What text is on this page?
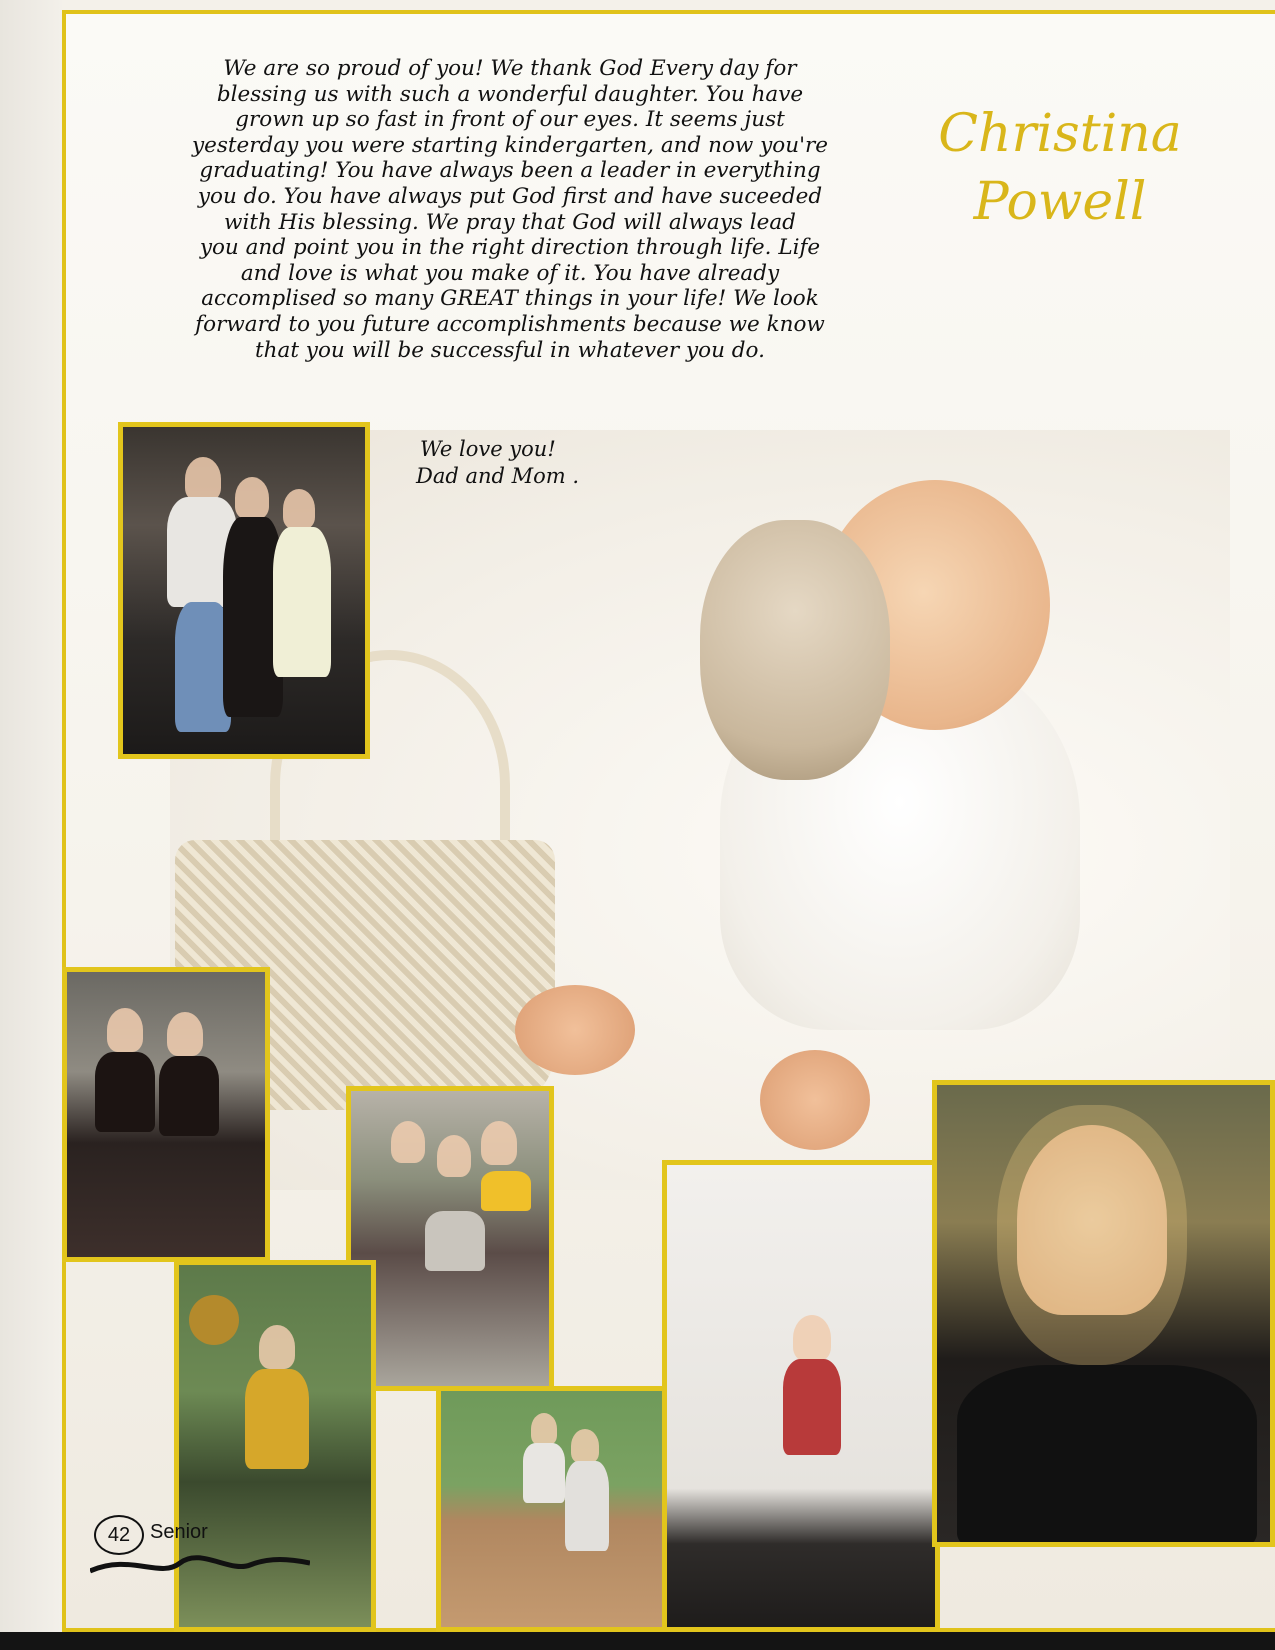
We are so proud of you! We thank God Every day for
blessing us with such a wonderful daughter. You have
grown up so fast in front of our eyes. It seems just
yesterday you were starting kindergarten, and now you're
graduating! You have always been a leader in everything
you do. You have always put God first and have suceeded
with His blessing. We pray that God will always lead
you and point you in the right direction through life. Life
and love is what you make of it. You have already
accomplised so many GREAT things in your life! We look
forward to you future accomplishments because we know
that you will be successful in whatever you do.
We love you!
Dad and Mom .
Christina
Powell
42 Senior
